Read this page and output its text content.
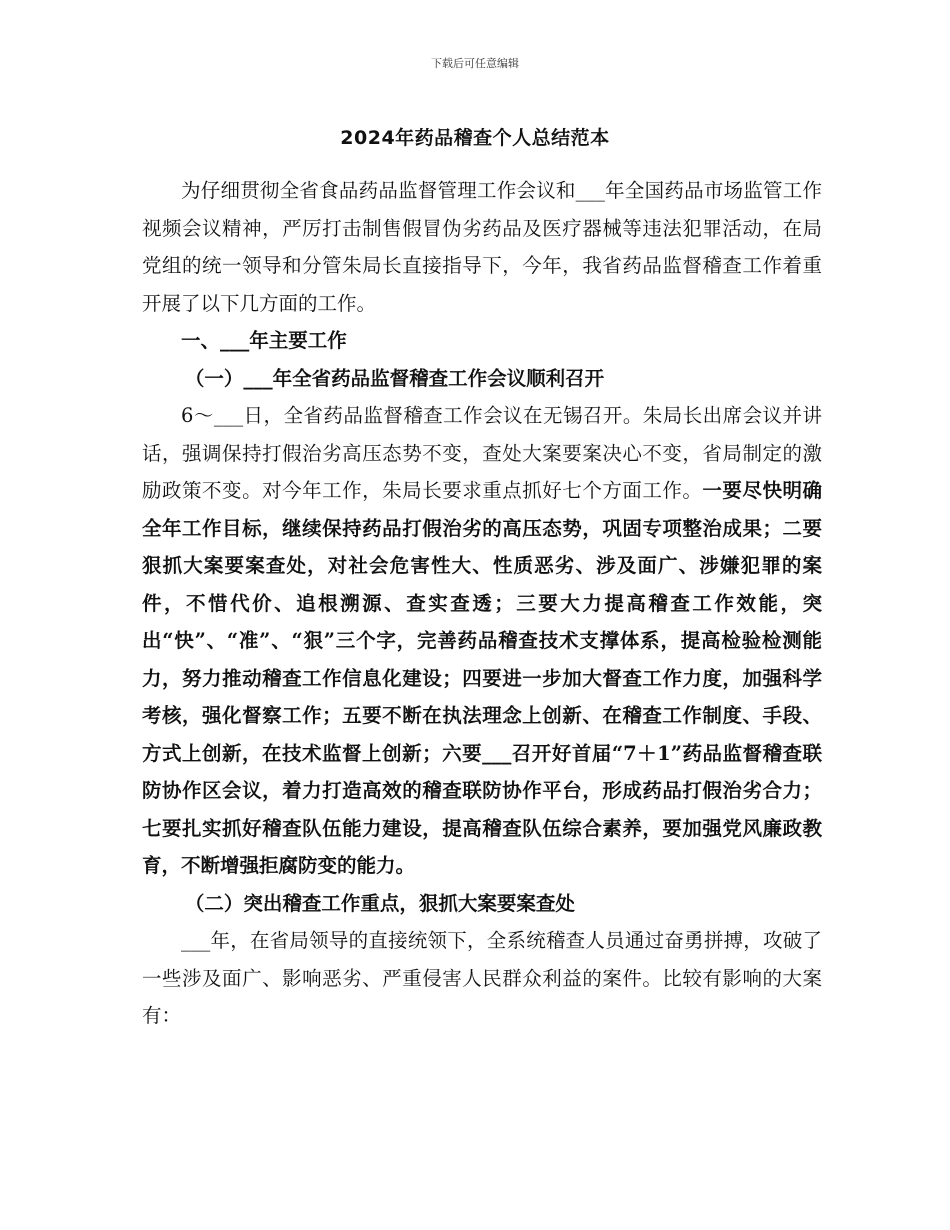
下载后可任意编辑
2024年药品稽查个人总结范本

为仔细贯彻全省食品药品监督管理工作会议和___年全国药品市场监管工作视频会议精神，严厉打击制售假冒伪劣药品及医疗器械等违法犯罪活动，在局党组的统一领导和分管朱局长直接指导下，今年，我省药品监督稽查工作着重开展了以下几方面的工作。

一、___年主要工作

（一）___年全省药品监督稽查工作会议顺利召开

6～___日，全省药品监督稽查工作会议在无锡召开。朱局长出席会议并讲话，强调保持打假治劣高压态势不变，查处大案要案决心不变，省局制定的激励政策不变。对今年工作，朱局长要求重点抓好七个方面工作。一要尽快明确全年工作目标，继续保持药品打假治劣的高压态势，巩固专项整治成果；二要狠抓大案要案查处，对社会危害性大、性质恶劣、涉及面广、涉嫌犯罪的案件，不惜代价、追根溯源、查实查透；三要大力提高稽查工作效能，突出“快”、“准”、“狠”三个字，完善药品稽查技术支撑体系，提高检验检测能力，努力推动稽查工作信息化建设；四要进一步加大督查工作力度，加强科学考核，强化督察工作；五要不断在执法理念上创新、在稽查工作制度、手段、方式上创新，在技术监督上创新；六要___召开好首届“7＋1”药品监督稽查联防协作区会议，着力打造高效的稽查联防协作平台，形成药品打假治劣合力；七要扎实抓好稽查队伍能力建设，提高稽查队伍综合素养，要加强党风廉政教育，不断增强拒腐防变的能力。

（二）突出稽查工作重点，狠抓大案要案查处

___年，在省局领导的直接统领下，全系统稽查人员通过奋勇拼搏，攻破了一些涉及面广、影响恶劣、严重侵害人民群众利益的案件。比较有影响的大案有：
